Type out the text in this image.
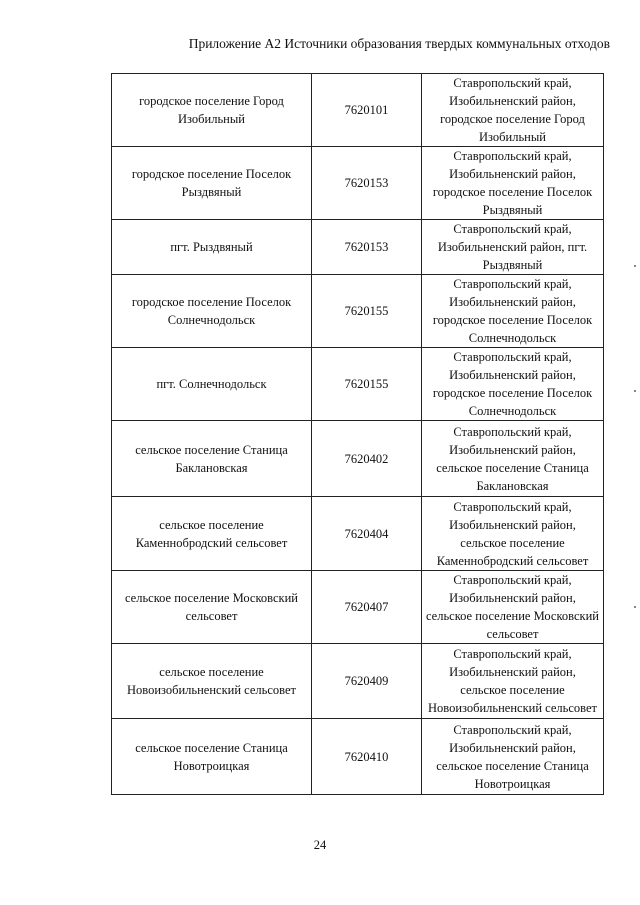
Приложение А2 Источники образования твердых коммунальных отходов
городское поселение Город Изобильный	7620101	Ставропольский край, Изобильненский район, городское поселение Город Изобильный
городское поселение Поселок Рыздвяный	7620153	Ставропольский край, Изобильненский район, городское поселение Поселок Рыздвяный
пгт. Рыздвяный	7620153	Ставропольский край, Изобильненский район, пгт. Рыздвяный
городское поселение Поселок Солнечнодольск	7620155	Ставропольский край, Изобильненский район, городское поселение Поселок Солнечнодольск
пгт. Солнечнодольск	7620155	Ставропольский край, Изобильненский район, городское поселение Поселок Солнечнодольск
сельское поселение Станица Баклановская	7620402	Ставропольский край, Изобильненский район, сельское поселение Станица Баклановская
сельское поселение Каменнобродский сельсовет	7620404	Ставропольский край, Изобильненский район, сельское поселение Каменнобродский сельсовет
сельское поселение Московский сельсовет	7620407	Ставропольский край, Изобильненский район, сельское поселение Московский сельсовет
сельское поселение Новоизобильненский сельсовет	7620409	Ставропольский край, Изобильненский район, сельское поселение Новоизобильненский сельсовет
сельское поселение Станица Новотроицкая	7620410	Ставропольский край, Изобильненский район, сельское поселение Станица Новотроицкая
24
